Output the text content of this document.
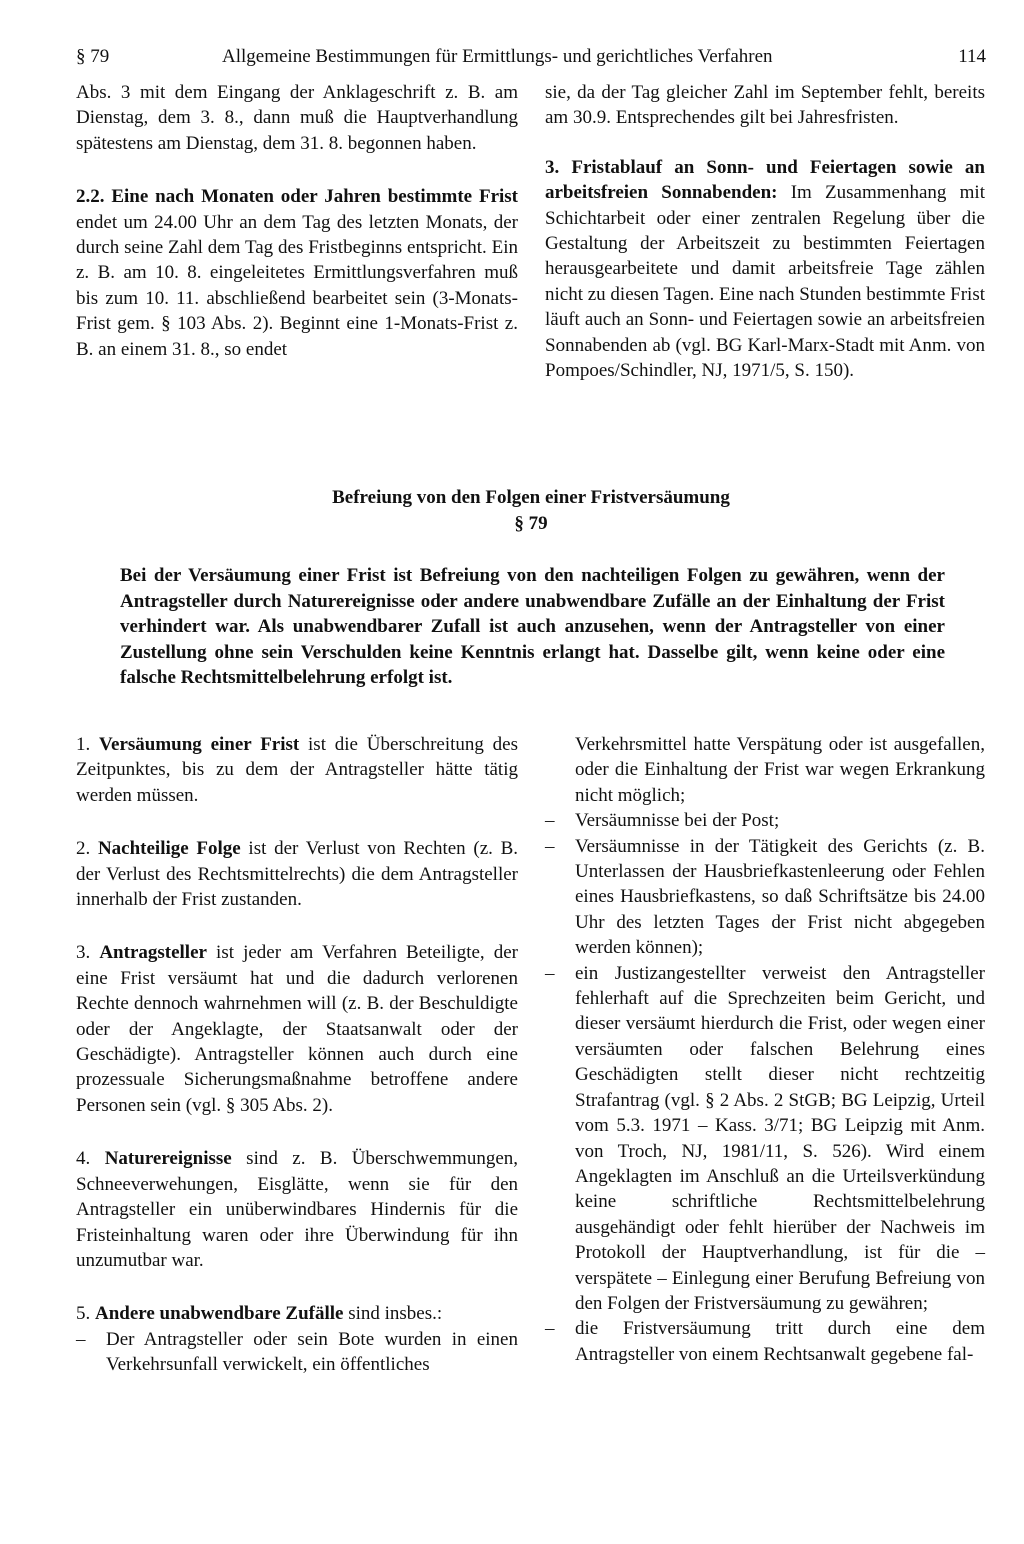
§ 79	Allgemeine Bestimmungen für Ermittlungs- und gerichtliches Verfahren	114

Abs. 3 mit dem Eingang der Anklageschrift z. B. am Dienstag, dem 3. 8., dann muß die Hauptverhandlung spätestens am Dienstag, dem 31. 8. begonnen haben.

2.2. Eine nach Monaten oder Jahren bestimmte Frist endet um 24.00 Uhr an dem Tag des letzten Monats, der durch seine Zahl dem Tag des Fristbeginns entspricht. Ein z. B. am 10. 8. eingeleitetes Ermittlungsverfahren muß bis zum 10. 11. abschließend bearbeitet sein (3-Monats-Frist gem. § 103 Abs. 2). Beginnt eine 1-Monats-Frist z. B. an einem 31. 8., so endet

sie, da der Tag gleicher Zahl im September fehlt, bereits am 30.9. Entsprechendes gilt bei Jahresfristen.

3. Fristablauf an Sonn- und Feiertagen sowie an arbeitsfreien Sonnabenden: Im Zusammenhang mit Schichtarbeit oder einer zentralen Regelung über die Gestaltung der Arbeitszeit zu bestimmten Feiertagen herausgearbeitete und damit arbeitsfreie Tage zählen nicht zu diesen Tagen. Eine nach Stunden bestimmte Frist läuft auch an Sonn- und Feiertagen sowie an arbeitsfreien Sonnabenden ab (vgl. BG Karl-Marx-Stadt mit Anm. von Pompoes/Schindler, NJ, 1971/5, S. 150).

Befreiung von den Folgen einer Fristversäumung
§ 79
Bei der Versäumung einer Frist ist Befreiung von den nachteiligen Folgen zu gewähren, wenn der Antragsteller durch Naturereignisse oder andere unabwendbare Zufälle an der Einhaltung der Frist verhindert war. Als unabwendbarer Zufall ist auch anzusehen, wenn der Antragsteller von einer Zustellung ohne sein Verschulden keine Kenntnis erlangt hat. Dasselbe gilt, wenn keine oder eine falsche Rechtsmittelbelehrung erfolgt ist.

1. Versäumung einer Frist ist die Überschreitung des Zeitpunktes, bis zu dem der Antragsteller hätte tätig werden müssen.

2. Nachteilige Folge ist der Verlust von Rechten (z. B. der Verlust des Rechtsmittelrechts) die dem Antragsteller innerhalb der Frist zustanden.

3. Antragsteller ist jeder am Verfahren Beteiligte, der eine Frist versäumt hat und die dadurch verlorenen Rechte dennoch wahrnehmen will (z. B. der Beschuldigte oder der Angeklagte, der Staatsanwalt oder der Geschädigte). Antragsteller können auch durch eine prozessuale Sicherungsmaßnahme betroffene andere Personen sein (vgl. § 305 Abs. 2).

4. Naturereignisse sind z. B. Überschwemmungen, Schneeverwehungen, Eisglätte, wenn sie für den Antragsteller ein unüberwindbares Hindernis für die Fristeinhaltung waren oder ihre Überwindung für ihn unzumutbar war.

5. Andere unabwendbare Zufälle sind insbes.:

– Der Antragsteller oder sein Bote wurden in einen Verkehrsunfall verwickelt, ein öffentliches

Verkehrsmittel hatte Verspätung oder ist ausgefallen, oder die Einhaltung der Frist war wegen Erkrankung nicht möglich;

– Versäumnisse bei der Post;

– Versäumnisse in der Tätigkeit des Gerichts (z. B. Unterlassen der Hausbriefkastenleerung oder Fehlen eines Hausbriefkastens, so daß Schriftsätze bis 24.00 Uhr des letzten Tages der Frist nicht abgegeben werden können);

– ein Justizangestellter verweist den Antragsteller fehlerhaft auf die Sprechzeiten beim Gericht, und dieser versäumt hierdurch die Frist, oder wegen einer versäumten oder falschen Belehrung eines Geschädigten stellt dieser nicht rechtzeitig Strafantrag (vgl. § 2 Abs. 2 StGB; BG Leipzig, Urteil vom 5.3. 1971 – Kass. 3/71; BG Leipzig mit Anm. von Troch, NJ, 1981/11, S. 526). Wird einem Angeklagten im Anschluß an die Urteilsverkündung keine schriftliche Rechtsmittelbelehrung ausgehändigt oder fehlt hierüber der Nachweis im Protokoll der Hauptverhandlung, ist für die – verspätete – Einlegung einer Berufung Befreiung von den Folgen der Fristversäumung zu gewähren;

– die Fristversäumung tritt durch eine dem Antragsteller von einem Rechtsanwalt gegebene fal-
